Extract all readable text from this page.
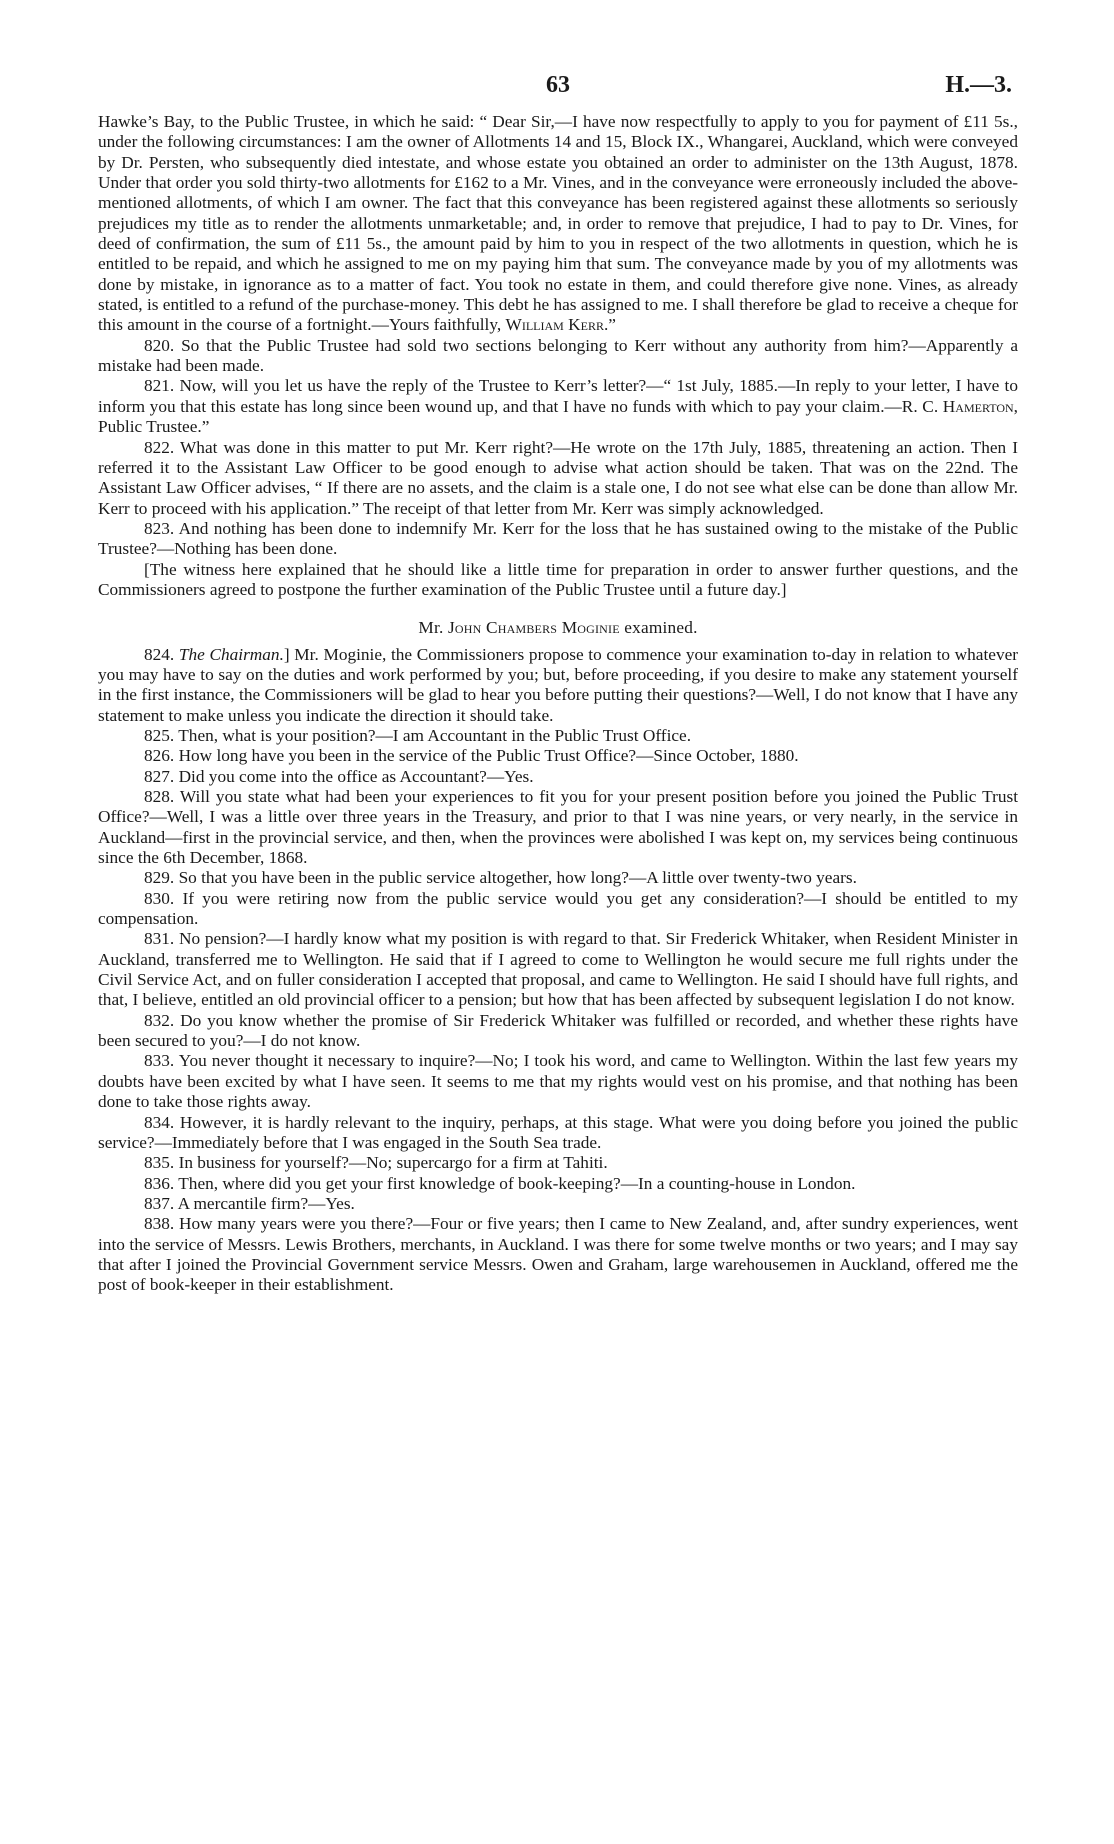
63	H.—3.

Hawke’s Bay, to the Public Trustee, in which he said: “ Dear Sir,—I have now respectfully to apply to you for payment of £11 5s., under the following circumstances: I am the owner of Allotments 14 and 15, Block IX., Whangarei, Auckland, which were conveyed by Dr. Persten, who subsequently died intestate, and whose estate you obtained an order to administer on the 13th August, 1878. Under that order you sold thirty-two allotments for £162 to a Mr. Vines, and in the conveyance were erroneously included the above-mentioned allotments, of which I am owner. The fact that this conveyance has been registered against these allotments so seriously prejudices my title as to render the allotments unmarketable; and, in order to remove that prejudice, I had to pay to Dr. Vines, for deed of confirmation, the sum of £11 5s., the amount paid by him to you in respect of the two allotments in question, which he is entitled to be repaid, and which he assigned to me on my paying him that sum. The conveyance made by you of my allotments was done by mistake, in ignorance as to a matter of fact. You took no estate in them, and could therefore give none. Vines, as already stated, is entitled to a refund of the purchase-money. This debt he has assigned to me. I shall therefore be glad to receive a cheque for this amount in the course of a fortnight.—Yours faithfully, William Kerr.”

820. So that the Public Trustee had sold two sections belonging to Kerr without any authority from him?—Apparently a mistake had been made.

821. Now, will you let us have the reply of the Trustee to Kerr’s letter?—“ 1st July, 1885.—In reply to your letter, I have to inform you that this estate has long since been wound up, and that I have no funds with which to pay your claim.—R. C. Hamerton, Public Trustee.”

822. What was done in this matter to put Mr. Kerr right?—He wrote on the 17th July, 1885, threatening an action. Then I referred it to the Assistant Law Officer to be good enough to advise what action should be taken. That was on the 22nd. The Assistant Law Officer advises, “ If there are no assets, and the claim is a stale one, I do not see what else can be done than allow Mr. Kerr to proceed with his application.” The receipt of that letter from Mr. Kerr was simply acknowledged.

823. And nothing has been done to indemnify Mr. Kerr for the loss that he has sustained owing to the mistake of the Public Trustee?—Nothing has been done.

[The witness here explained that he should like a little time for preparation in order to answer further questions, and the Commissioners agreed to postpone the further examination of the Public Trustee until a future day.]

Mr. John Chambers Moginie examined.

824. The Chairman.] Mr. Moginie, the Commissioners propose to commence your examination to-day in relation to whatever you may have to say on the duties and work performed by you; but, before proceeding, if you desire to make any statement yourself in the first instance, the Commissioners will be glad to hear you before putting their questions?—Well, I do not know that I have any statement to make unless you indicate the direction it should take.

825. Then, what is your position?—I am Accountant in the Public Trust Office.

826. How long have you been in the service of the Public Trust Office?—Since October, 1880.

827. Did you come into the office as Accountant?—Yes.

828. Will you state what had been your experiences to fit you for your present position before you joined the Public Trust Office?—Well, I was a little over three years in the Treasury, and prior to that I was nine years, or very nearly, in the service in Auckland—first in the provincial service, and then, when the provinces were abolished I was kept on, my services being continuous since the 6th December, 1868.

829. So that you have been in the public service altogether, how long?—A little over twenty-two years.

830. If you were retiring now from the public service would you get any consideration?—I should be entitled to my compensation.

831. No pension?—I hardly know what my position is with regard to that. Sir Frederick Whitaker, when Resident Minister in Auckland, transferred me to Wellington. He said that if I agreed to come to Wellington he would secure me full rights under the Civil Service Act, and on fuller consideration I accepted that proposal, and came to Wellington. He said I should have full rights, and that, I believe, entitled an old provincial officer to a pension; but how that has been affected by subsequent legislation I do not know.

832. Do you know whether the promise of Sir Frederick Whitaker was fulfilled or recorded, and whether these rights have been secured to you?—I do not know.

833. You never thought it necessary to inquire?—No; I took his word, and came to Wellington. Within the last few years my doubts have been excited by what I have seen. It seems to me that my rights would vest on his promise, and that nothing has been done to take those rights away.

834. However, it is hardly relevant to the inquiry, perhaps, at this stage. What were you doing before you joined the public service?—Immediately before that I was engaged in the South Sea trade.

835. In business for yourself?—No; supercargo for a firm at Tahiti.

836. Then, where did you get your first knowledge of book-keeping?—In a counting-house in London.

837. A mercantile firm?—Yes.

838. How many years were you there?—Four or five years; then I came to New Zealand, and, after sundry experiences, went into the service of Messrs. Lewis Brothers, merchants, in Auckland. I was there for some twelve months or two years; and I may say that after I joined the Provincial Government service Messrs. Owen and Graham, large warehousemen in Auckland, offered me the post of book-keeper in their establishment.
